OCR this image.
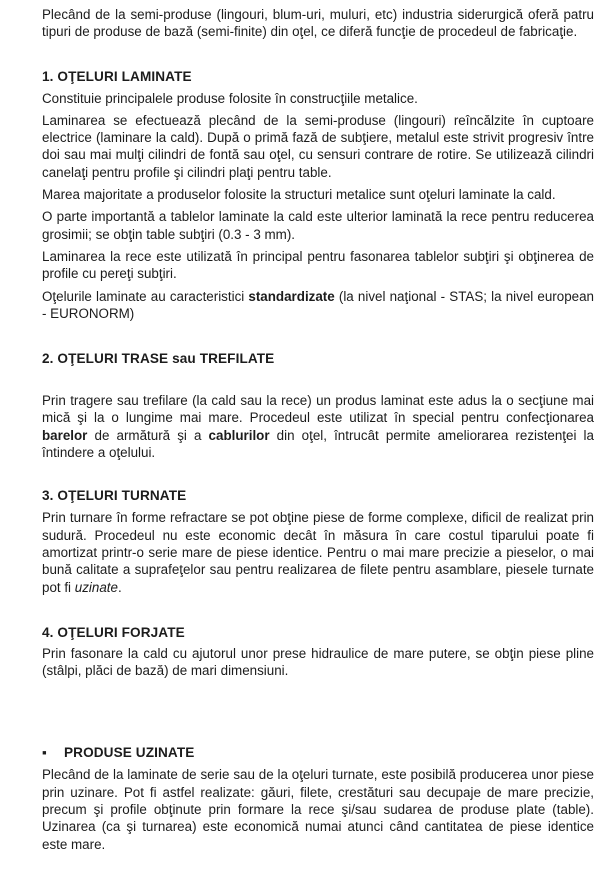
Plecând de la semi-produse (lingouri, blum-uri, muluri, etc) industria siderurgică oferă patru tipuri de produse de bază (semi-finite) din oţel, ce diferă funcţie de procedeul de fabricaţie.

1. OŢELURI LAMINATE

Constituie principalele produse folosite în construcţiile metalice.

Laminarea se efectuează plecând de la semi-produse (lingouri) reîncălzite în cuptoare electrice (laminare la cald). După o primă fază de subţiere, metalul este strivit progresiv între doi sau mai mulţi cilindri de fontă sau oţel, cu sensuri contrare de rotire. Se utilizează cilindri canelaţi pentru profile şi cilindri plaţi pentru table.

Marea majoritate a produselor folosite la structuri metalice sunt oţeluri laminate la cald.

O parte importantă a tablelor laminate la cald este ulterior laminată la rece pentru reducerea grosimii; se obţin table subţiri (0.3 - 3 mm).

Laminarea la rece este utilizată în principal pentru fasonarea tablelor subţiri şi obţinerea de profile cu pereţi subţiri.

Oţelurile laminate au caracteristici standardizate (la nivel naţional - STAS; la nivel european - EURONORM)

2. OŢELURI TRASE sau TREFILATE

Prin tragere sau trefilare (la cald sau la rece) un produs laminat este adus la o secţiune mai mică şi la o lungime mai mare. Procedeul este utilizat în special pentru confecţionarea barelor de armătură şi a cablurilor din oţel, întrucât permite ameliorarea rezistenţei la întindere a oţelului.

3. OŢELURI TURNATE

Prin turnare în forme refractare se pot obţine piese de forme complexe, dificil de realizat prin sudură. Procedeul nu este economic decât în măsura în care costul tiparului poate fi amortizat printr-o serie mare de piese identice. Pentru o mai mare precizie a pieselor, o mai bună calitate a suprafeţelor sau pentru realizarea de filete pentru asamblare, piesele turnate pot fi uzinate.

4. OŢELURI FORJATE

Prin fasonare la cald cu ajutorul unor prese hidraulice de mare putere, se obţin piese pline (stâlpi, plăci de bază) de mari dimensiuni.

▪ PRODUSE UZINATE

Plecând de la laminate de serie sau de la oţeluri turnate, este posibilă producerea unor piese prin uzinare. Pot fi astfel realizate: găuri, filete, crestături sau decupaje de mare precizie, precum şi profile obţinute prin formare la rece şi/sau sudarea de produse plate (table). Uzinarea (ca şi turnarea) este economică numai atunci când cantitatea de piese identice este mare.
